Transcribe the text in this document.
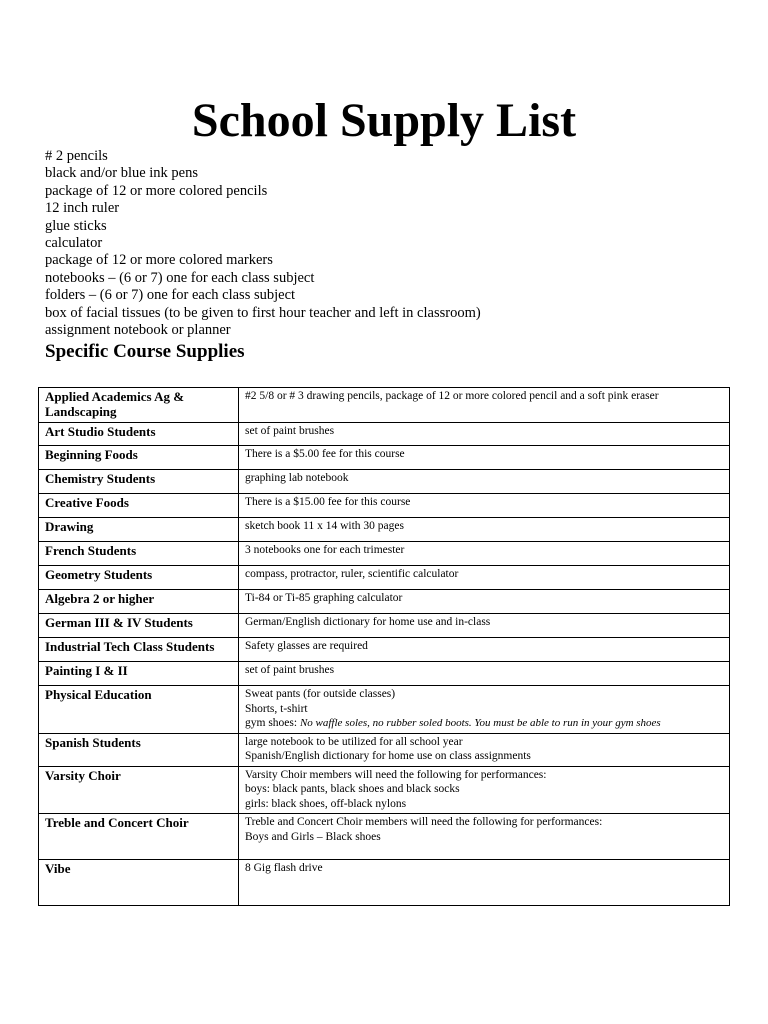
School Supply List
# 2 pencils
black and/or blue ink pens
package of 12 or more colored pencils
12 inch ruler
glue sticks
calculator
package of 12 or more colored markers
notebooks – (6 or 7) one for each class subject
folders – (6 or 7) one for each class subject
box of facial tissues (to be given to first hour teacher and left in classroom)
assignment notebook or planner
Specific Course Supplies
Applied Academics Ag & Landscaping	#2 5/8 or # 3 drawing pencils, package of 12 or more colored pencil and a soft pink eraser

Art Studio Students	set of paint brushes

Beginning Foods	There is a $5.00 fee for this course

Chemistry Students	graphing lab notebook

Creative Foods	There is a $15.00 fee for this course

Drawing	sketch book 11 x 14 with 30 pages

French Students	3 notebooks one for each trimester

Geometry Students	compass, protractor, ruler, scientific calculator

Algebra 2 or higher	Ti-84 or Ti-85 graphing calculator

German III & IV Students	German/English dictionary for home use and in-class

Industrial Tech Class Students	Safety glasses are required

Painting I & II	set of paint brushes

Physical Education	Sweat pants (for outside classes)
Shorts, t-shirt
gym shoes: No waffle soles, no rubber soled boots. You must be able to run in your gym shoes

Spanish Students	large notebook to be utilized for all school year
Spanish/English dictionary for home use on class assignments

Varsity Choir	Varsity Choir members will need the following for performances:
boys: black pants, black shoes and black socks
girls: black shoes, off-black nylons

Treble and Concert Choir	Treble and Concert Choir members will need the following for performances:
Boys and Girls – Black shoes

Vibe	8 Gig flash drive
